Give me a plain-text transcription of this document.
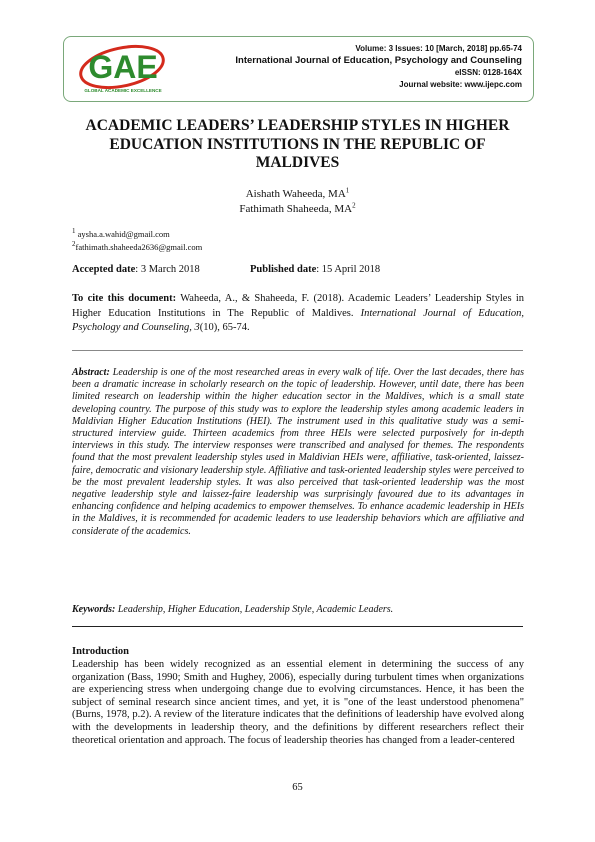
GAE
GLOBAL ACADEMIC EXCELLENCE
Volume: 3 Issues: 10 [March, 2018] pp.65-74
International Journal of Education, Psychology and Counseling
eISSN: 0128-164X
Journal website: www.ijepc.com
ACADEMIC LEADERS’ LEADERSHIP STYLES IN HIGHER EDUCATION INSTITUTIONS IN THE REPUBLIC OF MALDIVES
Aishath Waheeda, $MA^1$
Fathimath Shaheeda, $MA^2$
$^1$ aysha.a.wahid@gmail.com
$^2$fathimath.shaheeda2636@gmail.com
Accepted date: 3 March 2018	Published date: 15 April 2018
To cite this document: Waheeda, A., & Shaheeda, F. (2018). Academic Leaders’ Leadership Styles in Higher Education Institutions in The Republic of Maldives. International Journal of Education, Psychology and Counseling, 3(10), 65-74.
Abstract: Leadership is one of the most researched areas in every walk of life. Over the last decades, there has been a dramatic increase in scholarly research on the topic of leadership. However, until date, there has been limited research on leadership within the higher education sector in the Maldives, which is a small state developing country. The purpose of this study was to explore the leadership styles among academic leaders in Maldivian Higher Education Institutions (HEI). The instrument used in this qualitative study was a semi-structured interview guide. Thirteen academics from three HEIs were selected purposively for in-depth interviews in this study. The interview responses were transcribed and analysed for themes. The respondents found that the most prevalent leadership styles used in Maldivian HEIs were, affiliative, task-oriented, laissez-faire, democratic and visionary leadership style. Affiliative and task-oriented leadership styles were perceived to be the most prevalent leadership styles. It was also perceived that task-oriented leadership was the most negative leadership style and laissez-faire leadership was surprisingly favoured due to its advantages in enhancing confidence and helping academics to empower themselves. To enhance academic leadership in HEIs in the Maldives, it is recommended for academic leaders to use leadership behaviors which are affiliative and considerate of the academics.
Keywords: Leadership, Higher Education, Leadership Style, Academic Leaders.
Introduction
Leadership has been widely recognized as an essential element in determining the success of any organization (Bass, 1990; Smith and Hughey, 2006), especially during turbulent times when organizations are experiencing stress when undergoing change due to evolving circumstances. Hence, it has been the subject of seminal research since ancient times, and yet, it is "one of the least understood phenomena" (Burns, 1978, p.2). A review of the literature indicates that the definitions of leadership have evolved along with the developments in leadership theory, and the definitions by different researchers reflect their theoretical orientation and approach. The focus of leadership theories has changed from a leader-centered
65
